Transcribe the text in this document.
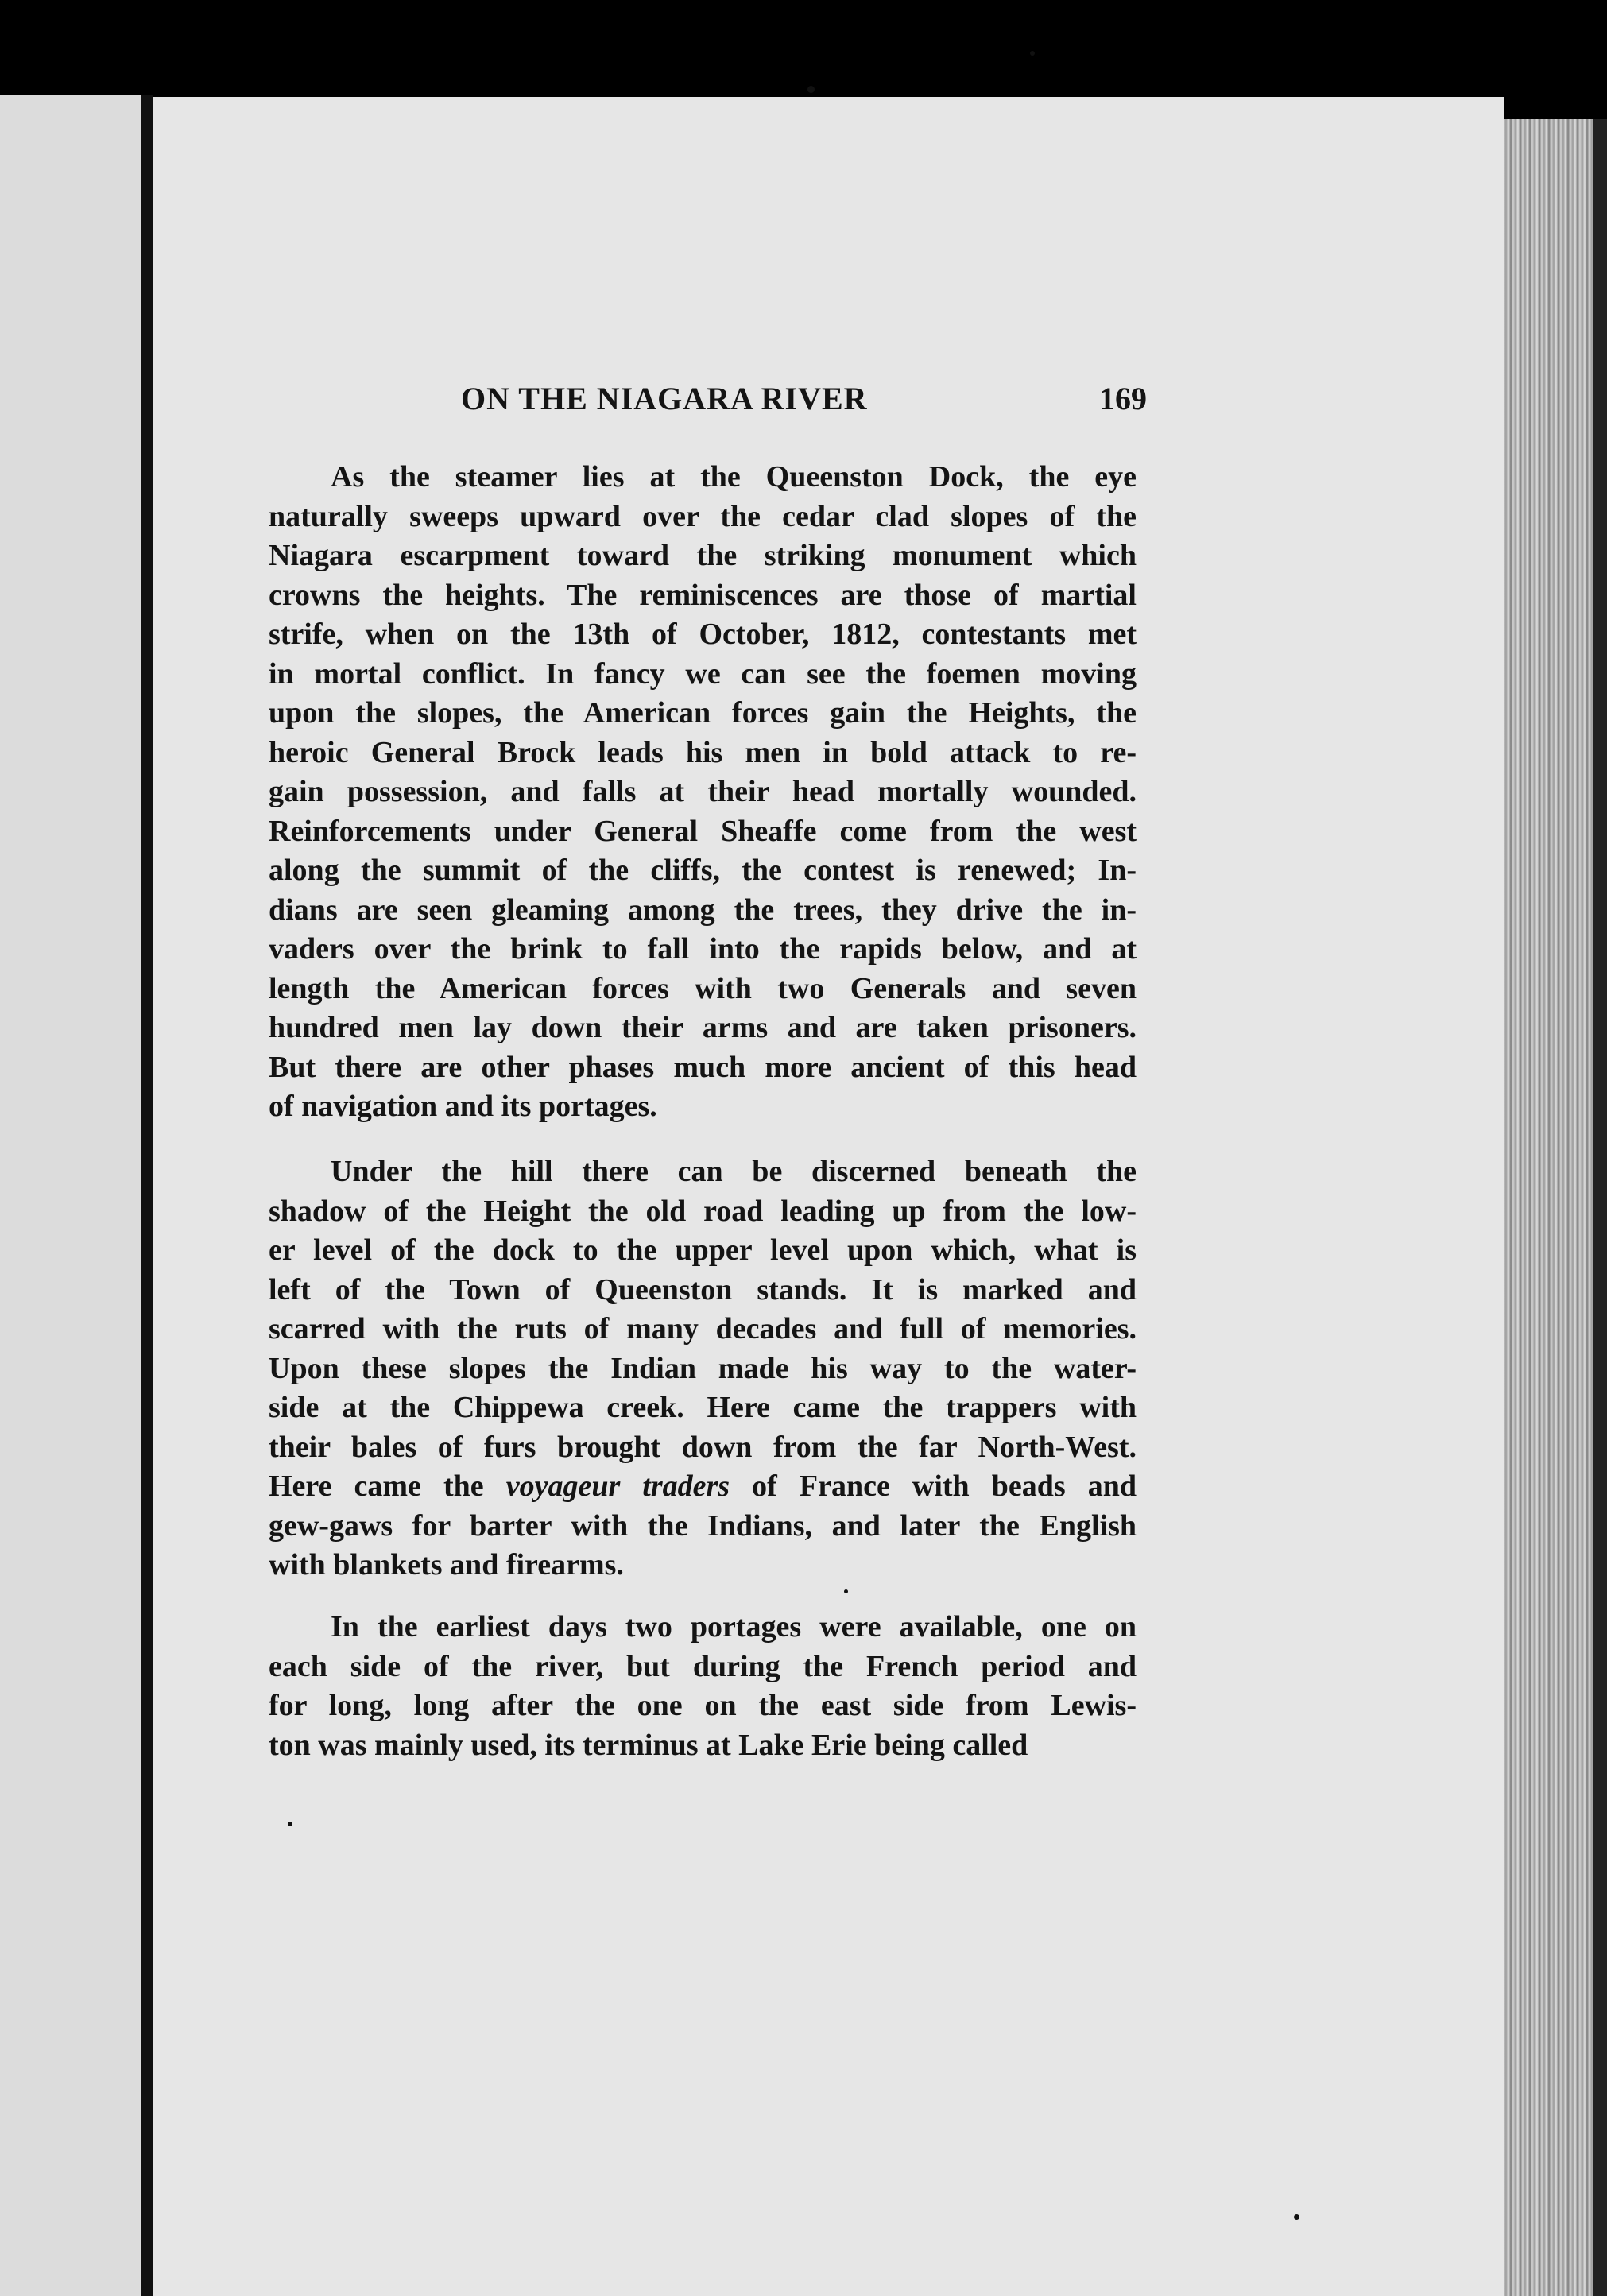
ON THE NIAGARA RIVER	169
As the steamer lies at the Queenston Dock, the eye
naturally sweeps upward over the cedar clad slopes of the
Niagara escarpment toward the striking monument which
crowns the heights. The reminiscences are those of martial
strife, when on the 13th of October, 1812, contestants met
in mortal conflict. In fancy we can see the foemen moving
upon the slopes, the American forces gain the Heights, the
heroic General Brock leads his men in bold attack to re-
gain possession, and falls at their head mortally wounded.
Reinforcements under General Sheaffe come from the west
along the summit of the cliffs, the contest is renewed; In-
dians are seen gleaming among the trees, they drive the in-
vaders over the brink to fall into the rapids below, and at
length the American forces with two Generals and seven
hundred men lay down their arms and are taken prisoners.
But there are other phases much more ancient of this head
of navigation and its portages.
Under the hill there can be discerned beneath the
shadow of the Height the old road leading up from the low-
er level of the dock to the upper level upon which, what is
left of the Town of Queenston stands. It is marked and
scarred with the ruts of many decades and full of memories.
Upon these slopes the Indian made his way to the water-
side at the Chippewa creek. Here came the trappers with
their bales of furs brought down from the far North-West.
Here came the voyageur traders of France with beads and
gew-gaws for barter with the Indians, and later the English
with blankets and firearms.
In the earliest days two portages were available, one on
each side of the river, but during the French period and
for long, long after the one on the east side from Lewis-
ton was mainly used, its terminus at Lake Erie being called
